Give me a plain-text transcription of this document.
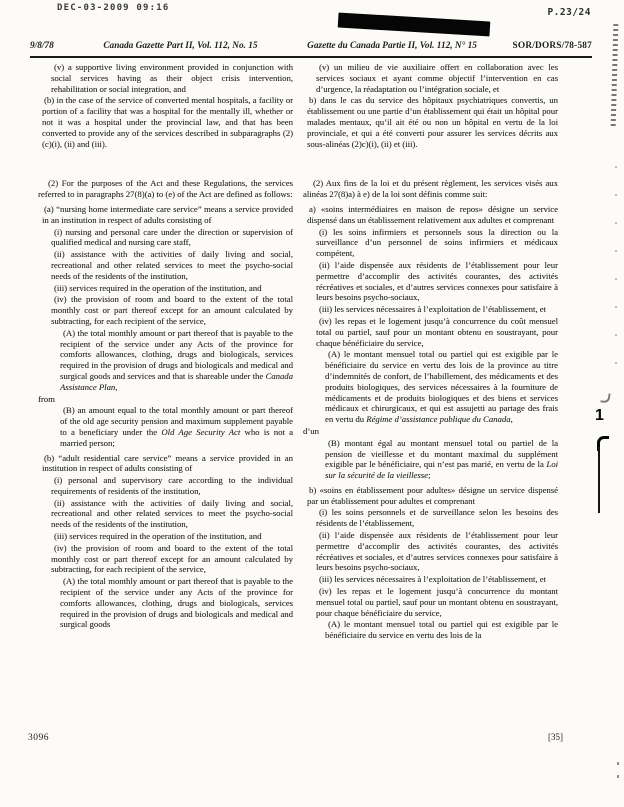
DEC-03-2009 09:16	P.23/24
9/8/78	Canada Gazette Part II, Vol. 112, No. 15	Gazette du Canada Partie II, Vol. 112, N° 15	SOR/DORS/78-587
(v) a supportive living environment provided in conjunction with social services having as their object crisis intervention, rehabilitation or social integration, and
(b) in the case of the service of converted mental hospitals, a facility or portion of a facility that was a hospital for the mentally ill, whether or not it was a hospital under the provincial law, and that has been converted to provide any of the services described in subparagraphs (2)(c)(i), (ii) and (iii).
(2) For the purposes of the Act and these Regulations, the services referred to in paragraphs 27(8)(a) to (e) of the Act are defined as follows:
(a) “nursing home intermediate care service” means a service provided in an institution in respect of adults consisting of
(i) nursing and personal care under the direction or supervision of qualified medical and nursing care staff,
(ii) assistance with the activities of daily living and social, recreational and other related services to meet the psycho-social needs of the residents of the institution,
(iii) services required in the operation of the institution, and
(iv) the provision of room and board to the extent of the total monthly cost or part thereof except for an amount calculated by subtracting, for each recipient of the service,
(A) the total monthly amount or part thereof that is payable to the recipient of the service under any Acts of the province for comforts allowances, clothing, drugs and biologicals, services required in the provision of drugs and biologicals and medical and surgical goods and services and that is shareable under the Canada Assistance Plan,
from
(B) an amount equal to the total monthly amount or part thereof of the old age security pension and maximum supplement payable to a beneficiary under the Old Age Security Act who is not a married person;
(b) “adult residential care service” means a service provided in an institution in respect of adults consisting of
(i) personal and supervisory care according to the individual requirements of residents of the institution,
(ii) assistance with the activities of daily living and social, recreational and other related services to meet the psycho-social needs of the residents of the institution,
(iii) services required in the operation of the institution, and
(iv) the provision of room and board to the extent of the total monthly cost or part thereof except for an amount calculated by subtracting, for each recipient of the service,
(A) the total monthly amount or part thereof that is payable to the recipient of the service under any Acts of the province for comforts allowances, clothing, drugs and biologicals, services required in the provision of drugs and biologicals and medical and surgical goods
(v) un milieu de vie auxiliaire offert en collaboration avec les services sociaux et ayant comme objectif l’intervention en cas d’urgence, la réadaptation ou l’intégration sociale, et
b) dans le cas du service des hôpitaux psychiatriques convertis, un établissement ou une partie d’un établissement qui était un hôpital pour malades mentaux, qu’il ait été ou non un hôpital en vertu de la loi provinciale, et qui a été converti pour assurer les services décrits aux sous-alinéas (2)c)(i), (ii) et (iii).
(2) Aux fins de la loi et du présent règlement, les services visés aux alinéas 27(8)a) à e) de la loi sont définis comme suit:
a) «soins intermédiaires en maison de repos» désigne un service dispensé dans un établissement relativement aux adultes et comprenant
(i) les soins infirmiers et personnels sous la direction ou la surveillance d’un personnel de soins infirmiers et médicaux compétent,
(ii) l’aide dispensée aux résidents de l’établissement pour leur permettre d’accomplir des activités courantes, des activités récréatives et sociales, et d’autres services connexes pour satisfaire à leurs besoins psycho-sociaux,
(iii) les services nécessaires à l’exploitation de l’établissement, et
(iv) les repas et le logement jusqu’à concurrence du coût mensuel total ou partiel, sauf pour un montant obtenu en soustrayant, pour chaque bénéficiaire du service,
(A) le montant mensuel total ou partiel qui est exigible par le bénéficiaire du service en vertu des lois de la province au titre d’indemnités de confort, de l’habillement, des médicaments et des produits biologiques, des services nécessaires à la fourniture de médicaments et de produits biologiques et des biens et services médicaux et chirurgicaux, et qui est assujetti au partage des frais en vertu du Régime d’assistance publique du Canada,
d’un
(B) montant égal au montant mensuel total ou partiel de la pension de vieillesse et du montant maximal du supplément exigible par le bénéficiaire, qui n’est pas marié, en vertu de la Loi sur la sécurité de la vieillesse;
b) «soins en établissement pour adultes» désigne un service dispensé par un établissement pour adultes et comprenant
(i) les soins personnels et de surveillance selon les besoins des résidents de l’établissement,
(ii) l’aide dispensée aux résidents de l’établissement pour leur permettre d’accomplir des activités courantes, des activités récréatives et sociales, et d’autres services connexes pour satisfaire à leurs besoins psycho-sociaux,
(iii) les services nécessaires à l’exploitation de l’établissement, et
(iv) les repas et le logement jusqu’à concurrence du montant mensuel total ou partiel, sauf pour un montant obtenu en soustrayant, pour chaque bénéficiaire du service,
(A) le montant mensuel total ou partiel qui est exigible par le bénéficiaire du service en vertu des lois de la
3096	[35]
1
